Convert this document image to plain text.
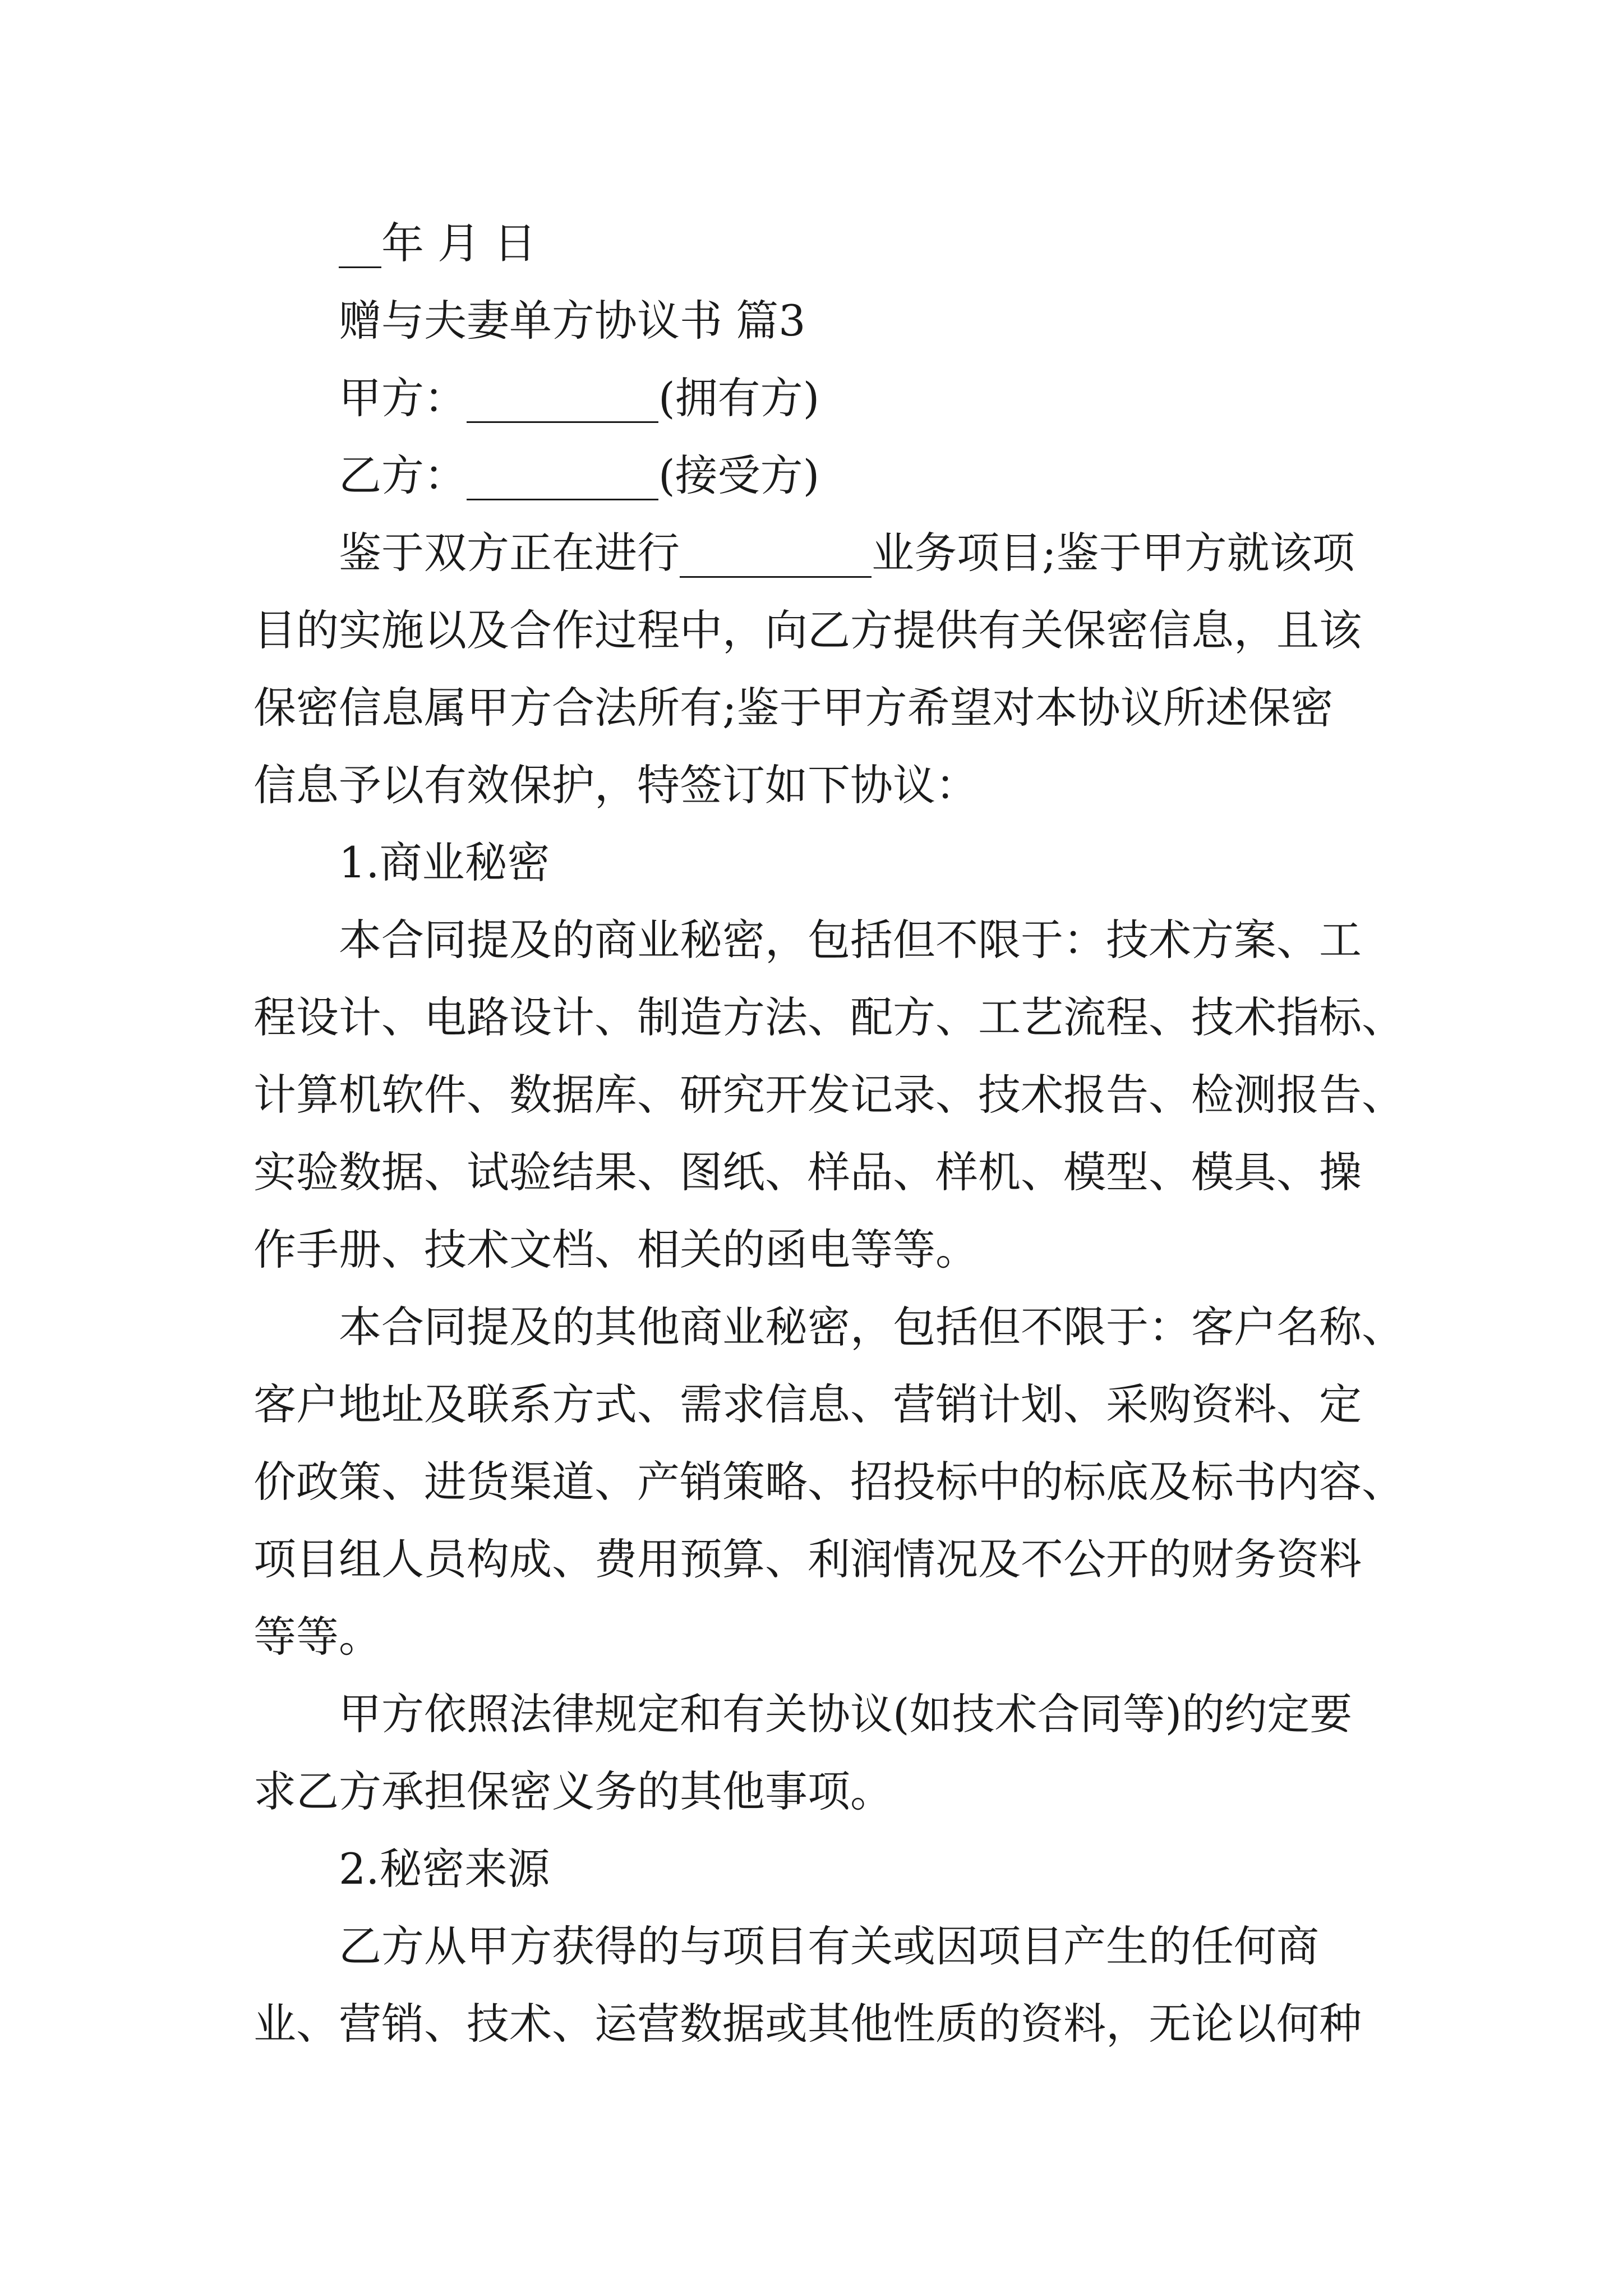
__年 月 日
赠与夫妻单方协议书 篇3
甲方：_________(拥有方)
乙方：_________(接受方)
鉴于双方正在进行_________业务项目;鉴于甲方就该项
目的实施以及合作过程中，向乙方提供有关保密信息，且该
保密信息属甲方合法所有;鉴于甲方希望对本协议所述保密
信息予以有效保护，特签订如下协议：
1.商业秘密
本合同提及的商业秘密，包括但不限于：技术方案、工
程设计、电路设计、制造方法、配方、工艺流程、技术指标、
计算机软件、数据库、研究开发记录、技术报告、检测报告、
实验数据、试验结果、图纸、样品、样机、模型、模具、操
作手册、技术文档、相关的函电等等。
本合同提及的其他商业秘密，包括但不限于：客户名称、
客户地址及联系方式、需求信息、营销计划、采购资料、定
价政策、进货渠道、产销策略、招投标中的标底及标书内容、
项目组人员构成、费用预算、利润情况及不公开的财务资料
等等。
甲方依照法律规定和有关协议(如技术合同等)的约定要
求乙方承担保密义务的其他事项。
2.秘密来源
乙方从甲方获得的与项目有关或因项目产生的任何商
业、营销、技术、运营数据或其他性质的资料，无论以何种
